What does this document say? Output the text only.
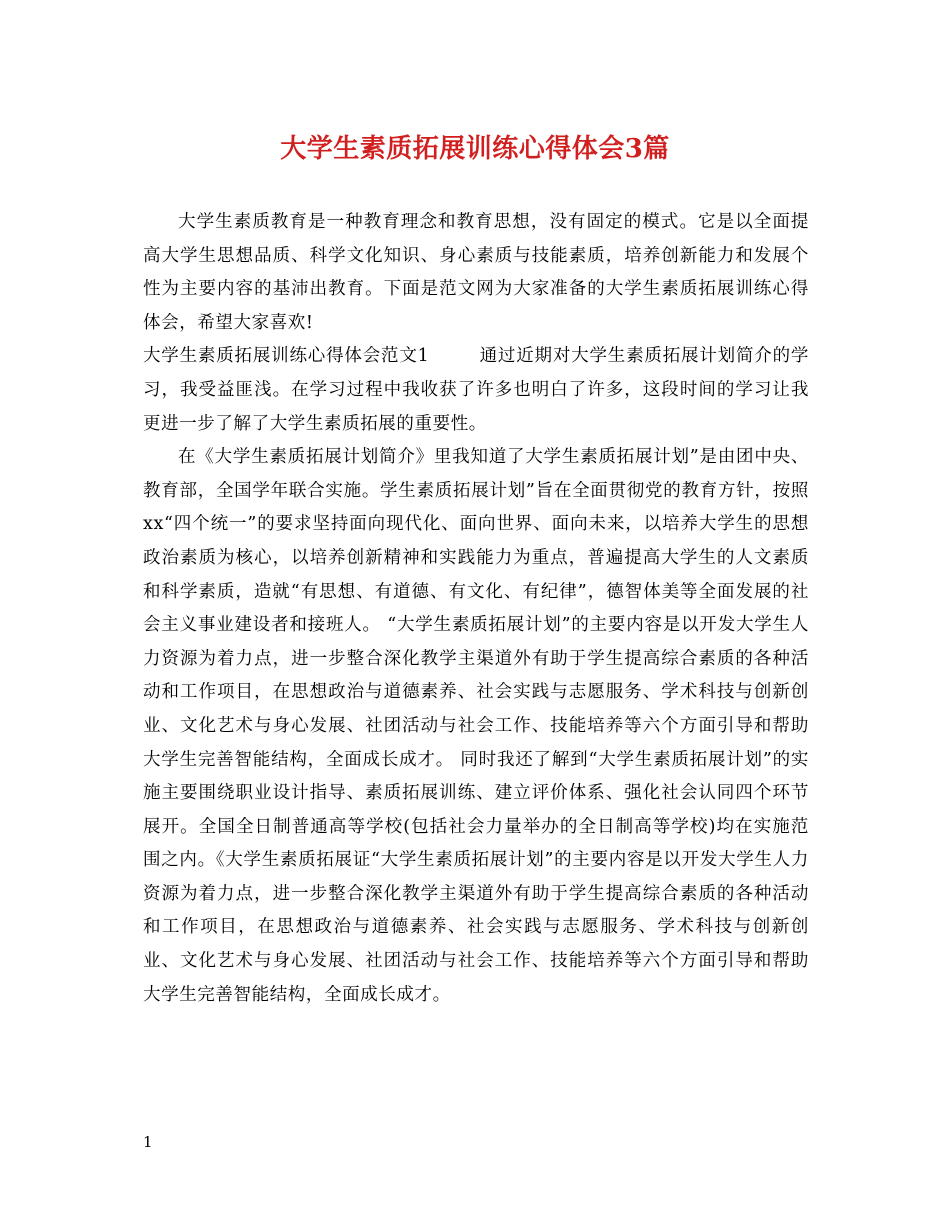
大学生素质拓展训练心得体会3篇

大学生素质教育是一种教育理念和教育思想，没有固定的模式。它是以全面提高大学生思想品质、科学文化知识、身心素质与技能素质，培养创新能力和发展个性为主要内容的基沛出教育。下面是范文网为大家准备的大学生素质拓展训练心得体会，希望大家喜欢!

大学生素质拓展训练心得体会范文1	通过近期对大学生素质拓展计划简介的学习，我受益匪浅。在学习过程中我收获了许多也明白了许多，这段时间的学习让我更进一步了解了大学生素质拓展的重要性。

在《大学生素质拓展计划简介》里我知道了大学生素质拓展计划”是由团中央、教育部，全国学年联合实施。学生素质拓展计划”旨在全面贯彻党的教育方针，按照xx“四个统一”的要求坚持面向现代化、面向世界、面向未来，以培养大学生的思想政治素质为核心，以培养创新精神和实践能力为重点，普遍提高大学生的人文素质和科学素质，造就“有思想、有道德、有文化、有纪律”，德智体美等全面发展的社会主义事业建设者和接班人。 “大学生素质拓展计划”的主要内容是以开发大学生人力资源为着力点，进一步整合深化教学主渠道外有助于学生提高综合素质的各种活动和工作项目，在思想政治与道德素养、社会实践与志愿服务、学术科技与创新创业、文化艺术与身心发展、社团活动与社会工作、技能培养等六个方面引导和帮助大学生完善智能结构，全面成长成才。 同时我还了解到“大学生素质拓展计划”的实施主要围绕职业设计指导、素质拓展训练、建立评价体系、强化社会认同四个环节展开。全国全日制普通高等学校(包括社会力量举办的全日制高等学校)均在实施范围之内。《大学生素质拓展证“大学生素质拓展计划”的主要内容是以开发大学生人力资源为着力点，进一步整合深化教学主渠道外有助于学生提高综合素质的各种活动和工作项目，在思想政治与道德素养、社会实践与志愿服务、学术科技与创新创业、文化艺术与身心发展、社团活动与社会工作、技能培养等六个方面引导和帮助大学生完善智能结构，全面成长成才。

1
